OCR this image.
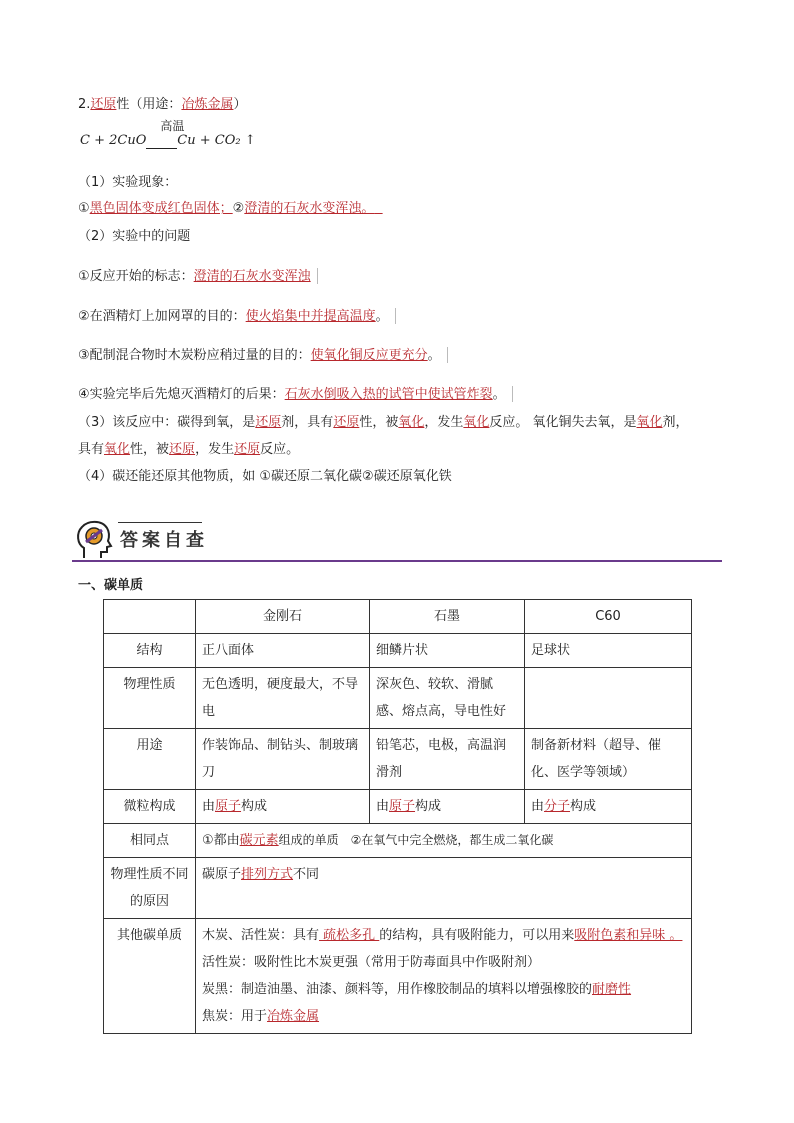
2.还原性（用途：冶炼金属）
C + 2CuO
高温
Cu + CO₂ ↑
（1）实验现象：
①黑色固体变成红色固体；②澄清的石灰水变浑浊。
（2）实验中的问题
①反应开始的标志：澄清的石灰水变浑浊
②在酒精灯上加网罩的目的：使火焰集中并提高温度。
③配制混合物时木炭粉应稍过量的目的：使氧化铜反应更充分。
④实验完毕后先熄灭酒精灯的后果：石灰水倒吸入热的试管中使试管炸裂。
（3）该反应中：碳得到氧，是还原剂，具有还原性，被氧化，发生氧化反应。 氧化铜失去氧，是氧化剂，
具有氧化性，被还原，发生还原反应。
（4）碳还能还原其他物质，如 ①碳还原二氧化碳②碳还原氧化铁
答案自查
一、碳单质
	金刚石	石墨	C60
结构	正八面体	细鳞片状	足球状
物理性质	无色透明，硬度最大，不导电	深灰色、较软、滑腻感、熔点高，导电性好	
用途	作装饰品、制钻头、制玻璃刀	铅笔芯，电极，高温润滑剂	制备新材料（超导、催化、医学等领域）
微粒构成	由原子构成	由原子构成	由分子构成
相同点	①都由碳元素组成的单质　②在氧气中完全燃烧，都生成二氧化碳		
物理性质不同的原因	碳原子排列方式不同		
其他碳单质	木炭、活性炭：具有 疏松多孔 的结构，具有吸附能力，可以用来吸附色素和异味 。
活性炭：吸附性比木炭更强（常用于防毒面具中作吸附剂）
炭黑：制造油墨、油漆、颜料等，用作橡胶制品的填料以增强橡胶的耐磨性
焦炭：用于冶炼金属		
